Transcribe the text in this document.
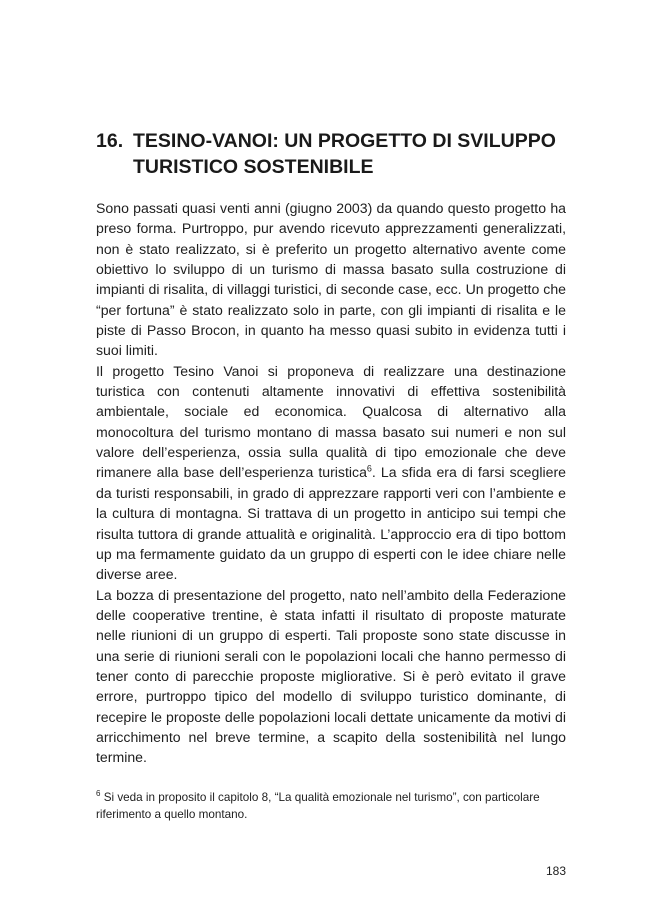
16. TESINO-VANOI: UN PROGETTO DI SVILUPPO TURISTICO SOSTENIBILE

Sono passati quasi venti anni (giugno 2003) da quando questo progetto ha preso forma. Purtroppo, pur avendo ricevuto apprezzamenti generalizzati, non è stato realizzato, si è preferito un progetto alternativo avente come obiettivo lo sviluppo di un turismo di massa basato sulla costruzione di impianti di risalita, di villaggi turistici, di seconde case, ecc. Un progetto che “per fortuna” è stato realizzato solo in parte, con gli impianti di risalita e le piste di Passo Brocon, in quanto ha messo quasi subito in evidenza tutti i suoi limiti.

Il progetto Tesino Vanoi si proponeva di realizzare una destinazione turistica con contenuti altamente innovativi di effettiva sostenibilità ambientale, sociale ed economica. Qualcosa di alternativo alla monocoltura del turismo montano di massa basato sui numeri e non sul valore dell’esperienza, ossia sulla qualità di tipo emozionale che deve rimanere alla base dell’esperienza turistica$^6$. La sfida era di farsi scegliere da turisti responsabili, in grado di apprezzare rapporti veri con l’ambiente e la cultura di montagna. Si trattava di un progetto in anticipo sui tempi che risulta tuttora di grande attualità e originalità. L’approccio era di tipo bottom up ma fermamente guidato da un gruppo di esperti con le idee chiare nelle diverse aree.

La bozza di presentazione del progetto, nato nell’ambito della Federazione delle cooperative trentine, è stata infatti il risultato di proposte maturate nelle riunioni di un gruppo di esperti. Tali proposte sono state discusse in una serie di riunioni serali con le popolazioni locali che hanno permesso di tener conto di parecchie proposte migliorative. Si è però evitato il grave errore, purtroppo tipico del modello di sviluppo turistico dominante, di recepire le proposte delle popolazioni locali dettate unicamente da motivi di arricchimento nel breve termine, a scapito della sostenibilità nel lungo termine.

$^6$ Si veda in proposito il capitolo 8, “La qualità emozionale nel turismo”, con particolare riferimento a quello montano.
183
